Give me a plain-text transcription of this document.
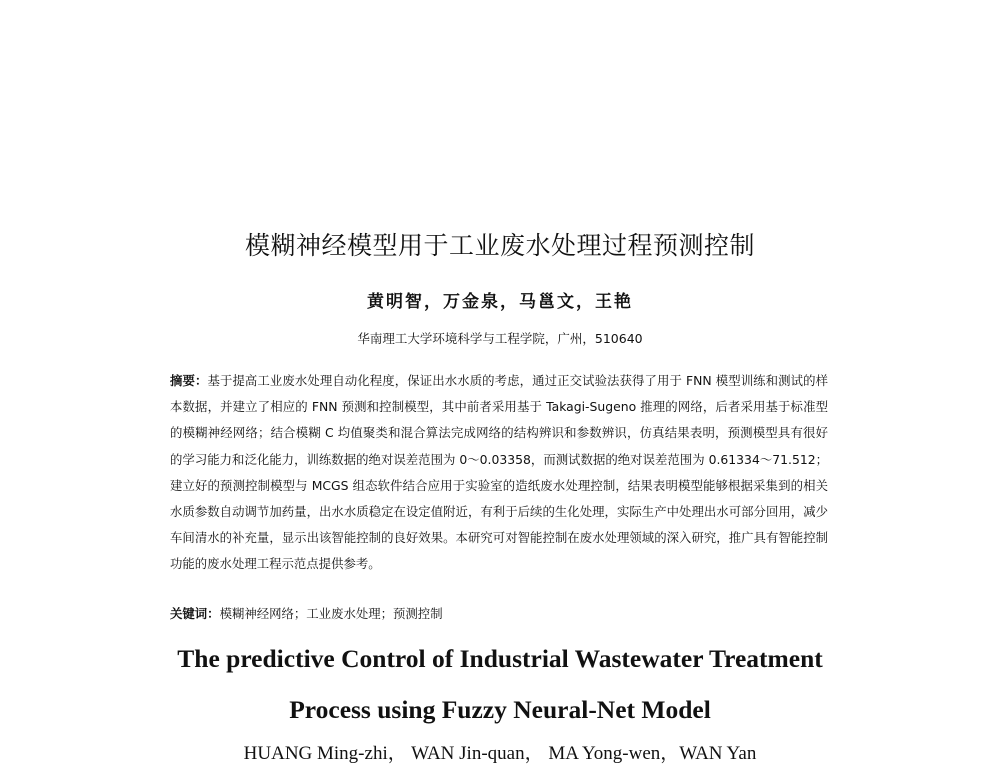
模糊神经模型用于工业废水处理过程预测控制
黄明智，万金泉，马邕文，王艳
华南理工大学环境科学与工程学院，广州，510640
摘要：基于提高工业废水处理自动化程度，保证出水水质的考虑，通过正交试验法获得了用于 FNN 模型训练和测试的样本数据，并建立了相应的 FNN 预测和控制模型，其中前者采用基于 Takagi-Sugeno 推理的网络，后者采用基于标准型的模糊神经网络；结合模糊 C 均值聚类和混合算法完成网络的结构辨识和参数辨识，仿真结果表明，预测模型具有很好的学习能力和泛化能力，训练数据的绝对误差范围为 0～0.03358，而测试数据的绝对误差范围为 0.61334～71.512；建立好的预测控制模型与 MCGS 组态软件结合应用于实验室的造纸废水处理控制，结果表明模型能够根据采集到的相关水质参数自动调节加药量，出水水质稳定在设定值附近，有利于后续的生化处理，实际生产中处理出水可部分回用，减少车间清水的补充量，显示出该智能控制的良好效果。本研究可对智能控制在废水处理领域的深入研究，推广具有智能控制功能的废水处理工程示范点提供参考。
关键词：模糊神经网络；工业废水处理；预测控制
The predictive Control of Industrial Wastewater Treatment
Process using Fuzzy Neural-Net Model
HUANG Ming-zhi， WAN Jin-quan， MA Yong-wen，WAN Yan
